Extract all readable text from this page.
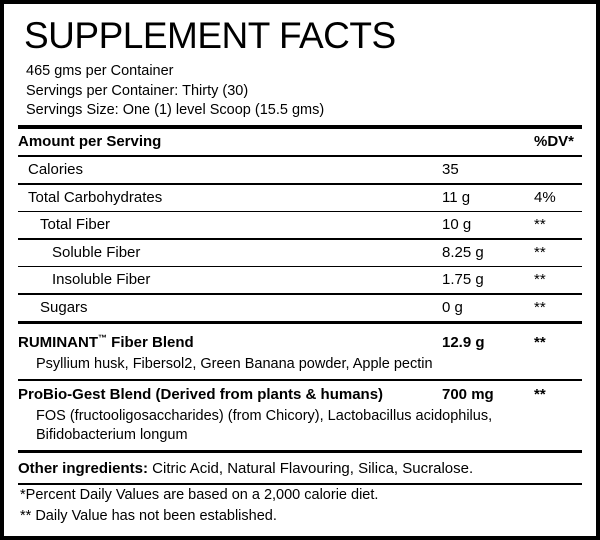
SUPPLEMENT FACTS
465 gms per Container
Servings per Container: Thirty (30)
Servings Size: One (1) level Scoop (15.5 gms)
Amount per Serving	%DV*
Calories	35
Total Carbohydrates	11 g	4%
Total Fiber	10 g	**
Soluble Fiber	8.25 g	**
Insoluble Fiber	1.75 g	**
Sugars	0 g	**
RUMINANT™ Fiber Blend	12.9 g	**
Psyllium husk, Fibersol2, Green Banana powder, Apple pectin
ProBio-Gest Blend (Derived from plants & humans)	700 mg	**
FOS (fructooligosaccharides) (from Chicory), Lactobacillus acidophilus, Bifidobacterium longum
Other ingredients: Citric Acid, Natural Flavouring, Silica, Sucralose.
*Percent Daily Values are based on a 2,000 calorie diet.
** Daily Value has not been established.
